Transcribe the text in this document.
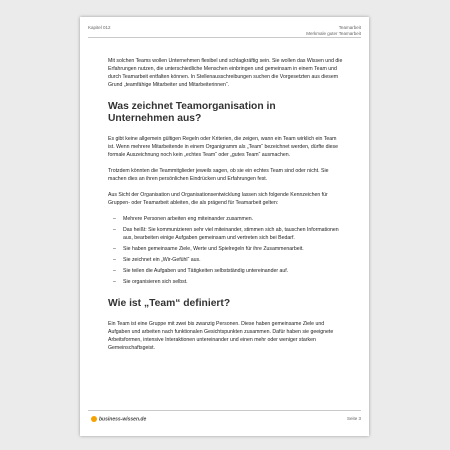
Kapitel 012	Teamarbeit
Merkmale guter Teamarbeit

Mit solchen Teams wollen Unternehmen flexibel und schlagkräftig sein. Sie wollen das Wissen und die Erfahrungen nutzen, die unterschiedliche Menschen einbringen und gemeinsam in einem Team und durch Teamarbeit entfalten können. In Stellenausschreibungen suchen die Vorgesetzten aus diesem Grund „teamfähige Mitarbeiter und Mitarbeiterinnen“.

Was zeichnet Teamorganisation in Unternehmen aus?

Es gibt keine allgemein gültigen Regeln oder Kriterien, die zeigen, wann ein Team wirklich ein Team ist. Wenn mehrere Mitarbeitende in einem Organigramm als „Team“ bezeichnet werden, dürfte diese formale Auszeichnung noch kein „echtes Team“ oder „gutes Team“ ausmachen.

Trotzdem könnten die Teammitglieder jeweils sagen, ob sie ein echtes Team sind oder nicht. Sie machen dies an ihren persönlichen Eindrücken und Erfahrungen fest.

Aus Sicht der Organisation und Organisationsentwicklung lassen sich folgende Kennzeichen für Gruppen- oder Teamarbeit ableiten, die als prägend für Teamarbeit gelten:

– Mehrere Personen arbeiten eng miteinander zusammen.
– Das heißt: Sie kommunizieren sehr viel miteinander, stimmen sich ab, tauschen Informationen aus, bearbeiten einige Aufgaben gemeinsam und vertreten sich bei Bedarf.
– Sie haben gemeinsame Ziele, Werte und Spielregeln für ihre Zusammenarbeit.
– Sie zeichnet ein „Wir-Gefühl“ aus.
– Sie teilen die Aufgaben und Tätigkeiten selbstständig untereinander auf.
– Sie organisieren sich selbst.
Wie ist „Team“ definiert?

Ein Team ist eine Gruppe mit zwei bis zwanzig Personen. Diese haben gemeinsame Ziele und Aufgaben und arbeiten nach funktionalen Gesichtspunkten zusammen. Dafür haben sie geeignete Arbeitsformen, intensive Interaktionen untereinander und einen mehr oder weniger starken Gemeinschaftsgeist.

business-wissen.de	Seite 3
